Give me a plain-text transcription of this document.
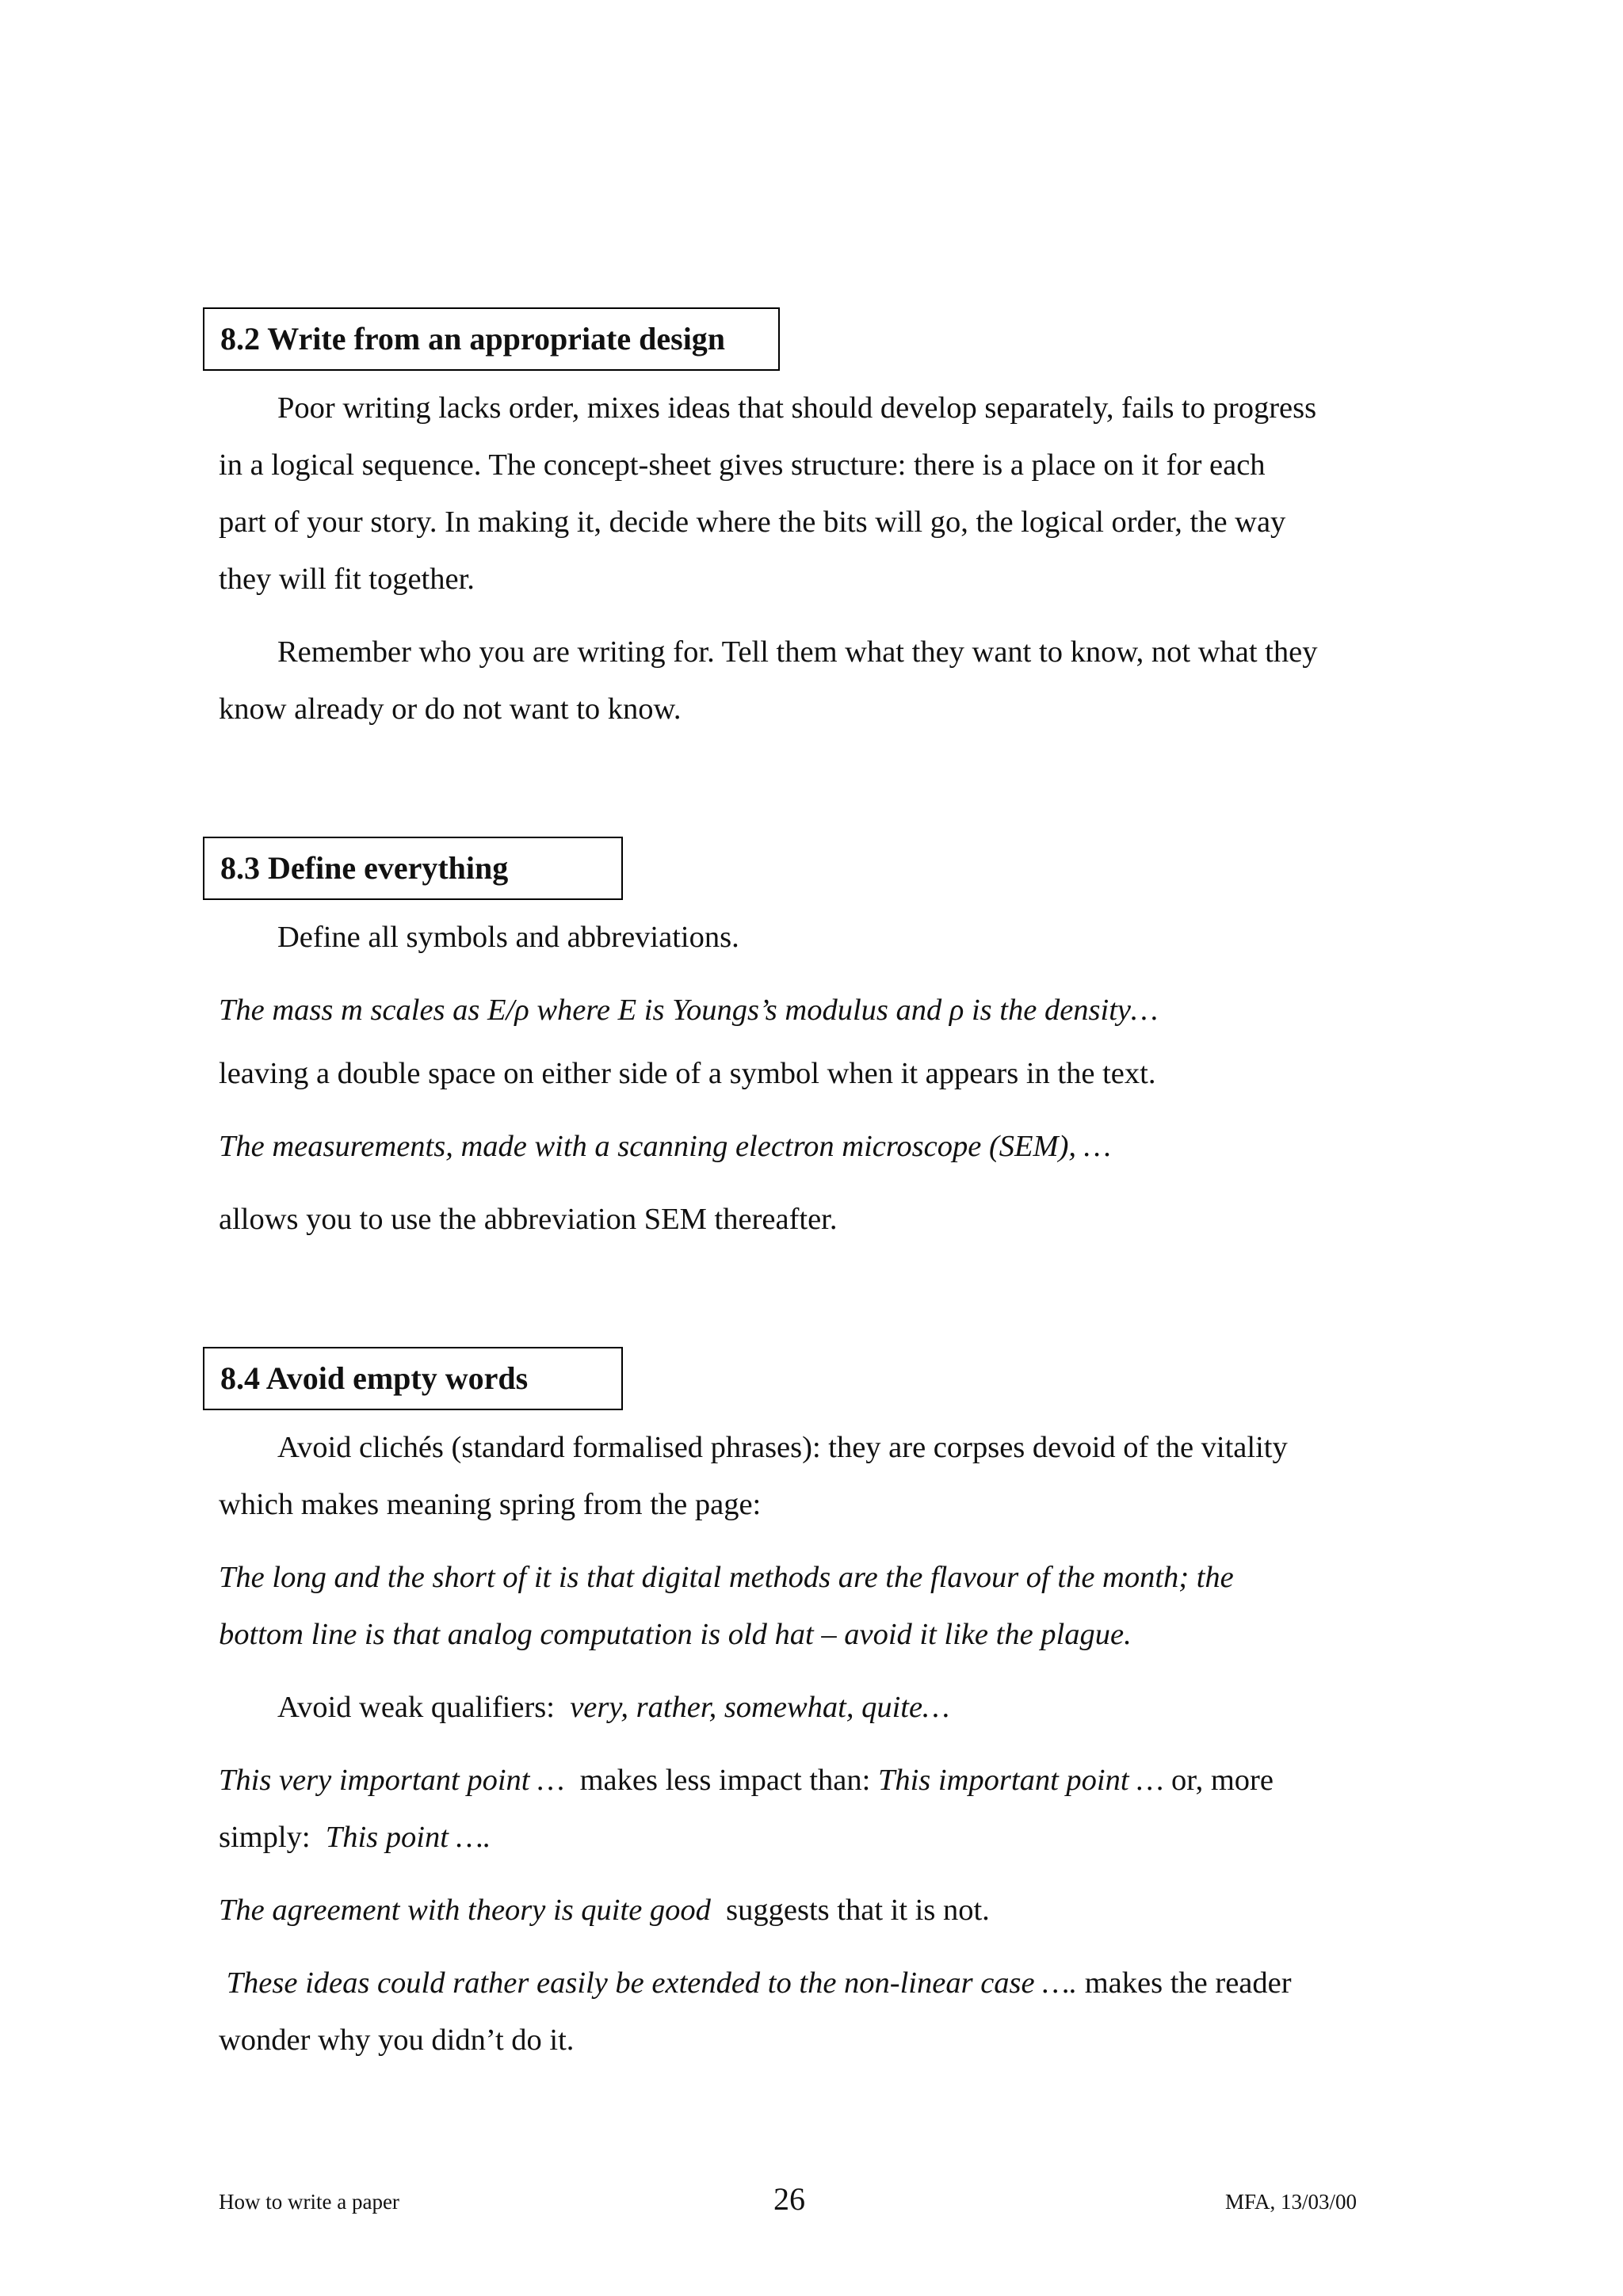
8.2 Write from an appropriate design
Poor writing lacks order, mixes ideas that should develop separately, fails to progress
in a logical sequence. The concept-sheet gives structure: there is a place on it for each
part of your story. In making it, decide where the bits will go, the logical order, the way
they will fit together.
Remember who you are writing for. Tell them what they want to know, not what they
know already or do not want to know.
8.3 Define everything
Define all symbols and abbreviations.
The mass m scales as E/ρ where E is Youngs’s modulus and ρ is the density…
leaving a double space on either side of a symbol when it appears in the text.
The measurements, made with a scanning electron microscope (SEM), …
allows you to use the abbreviation SEM thereafter.
8.4 Avoid empty words
Avoid clichés (standard formalised phrases): they are corpses devoid of the vitality
which makes meaning spring from the page:
The long and the short of it is that digital methods are the flavour of the month; the
bottom line is that analog computation is old hat – avoid it like the plague.
Avoid weak qualifiers:  very, rather, somewhat, quite…
This very important point …  makes less impact than: This important point … or, more
simply:  This point ….
The agreement with theory is quite good  suggests that it is not.
These ideas could rather easily be extended to the non-linear case …. makes the reader
wonder why you didn’t do it.
How to write a paper	26	MFA, 13/03/00
